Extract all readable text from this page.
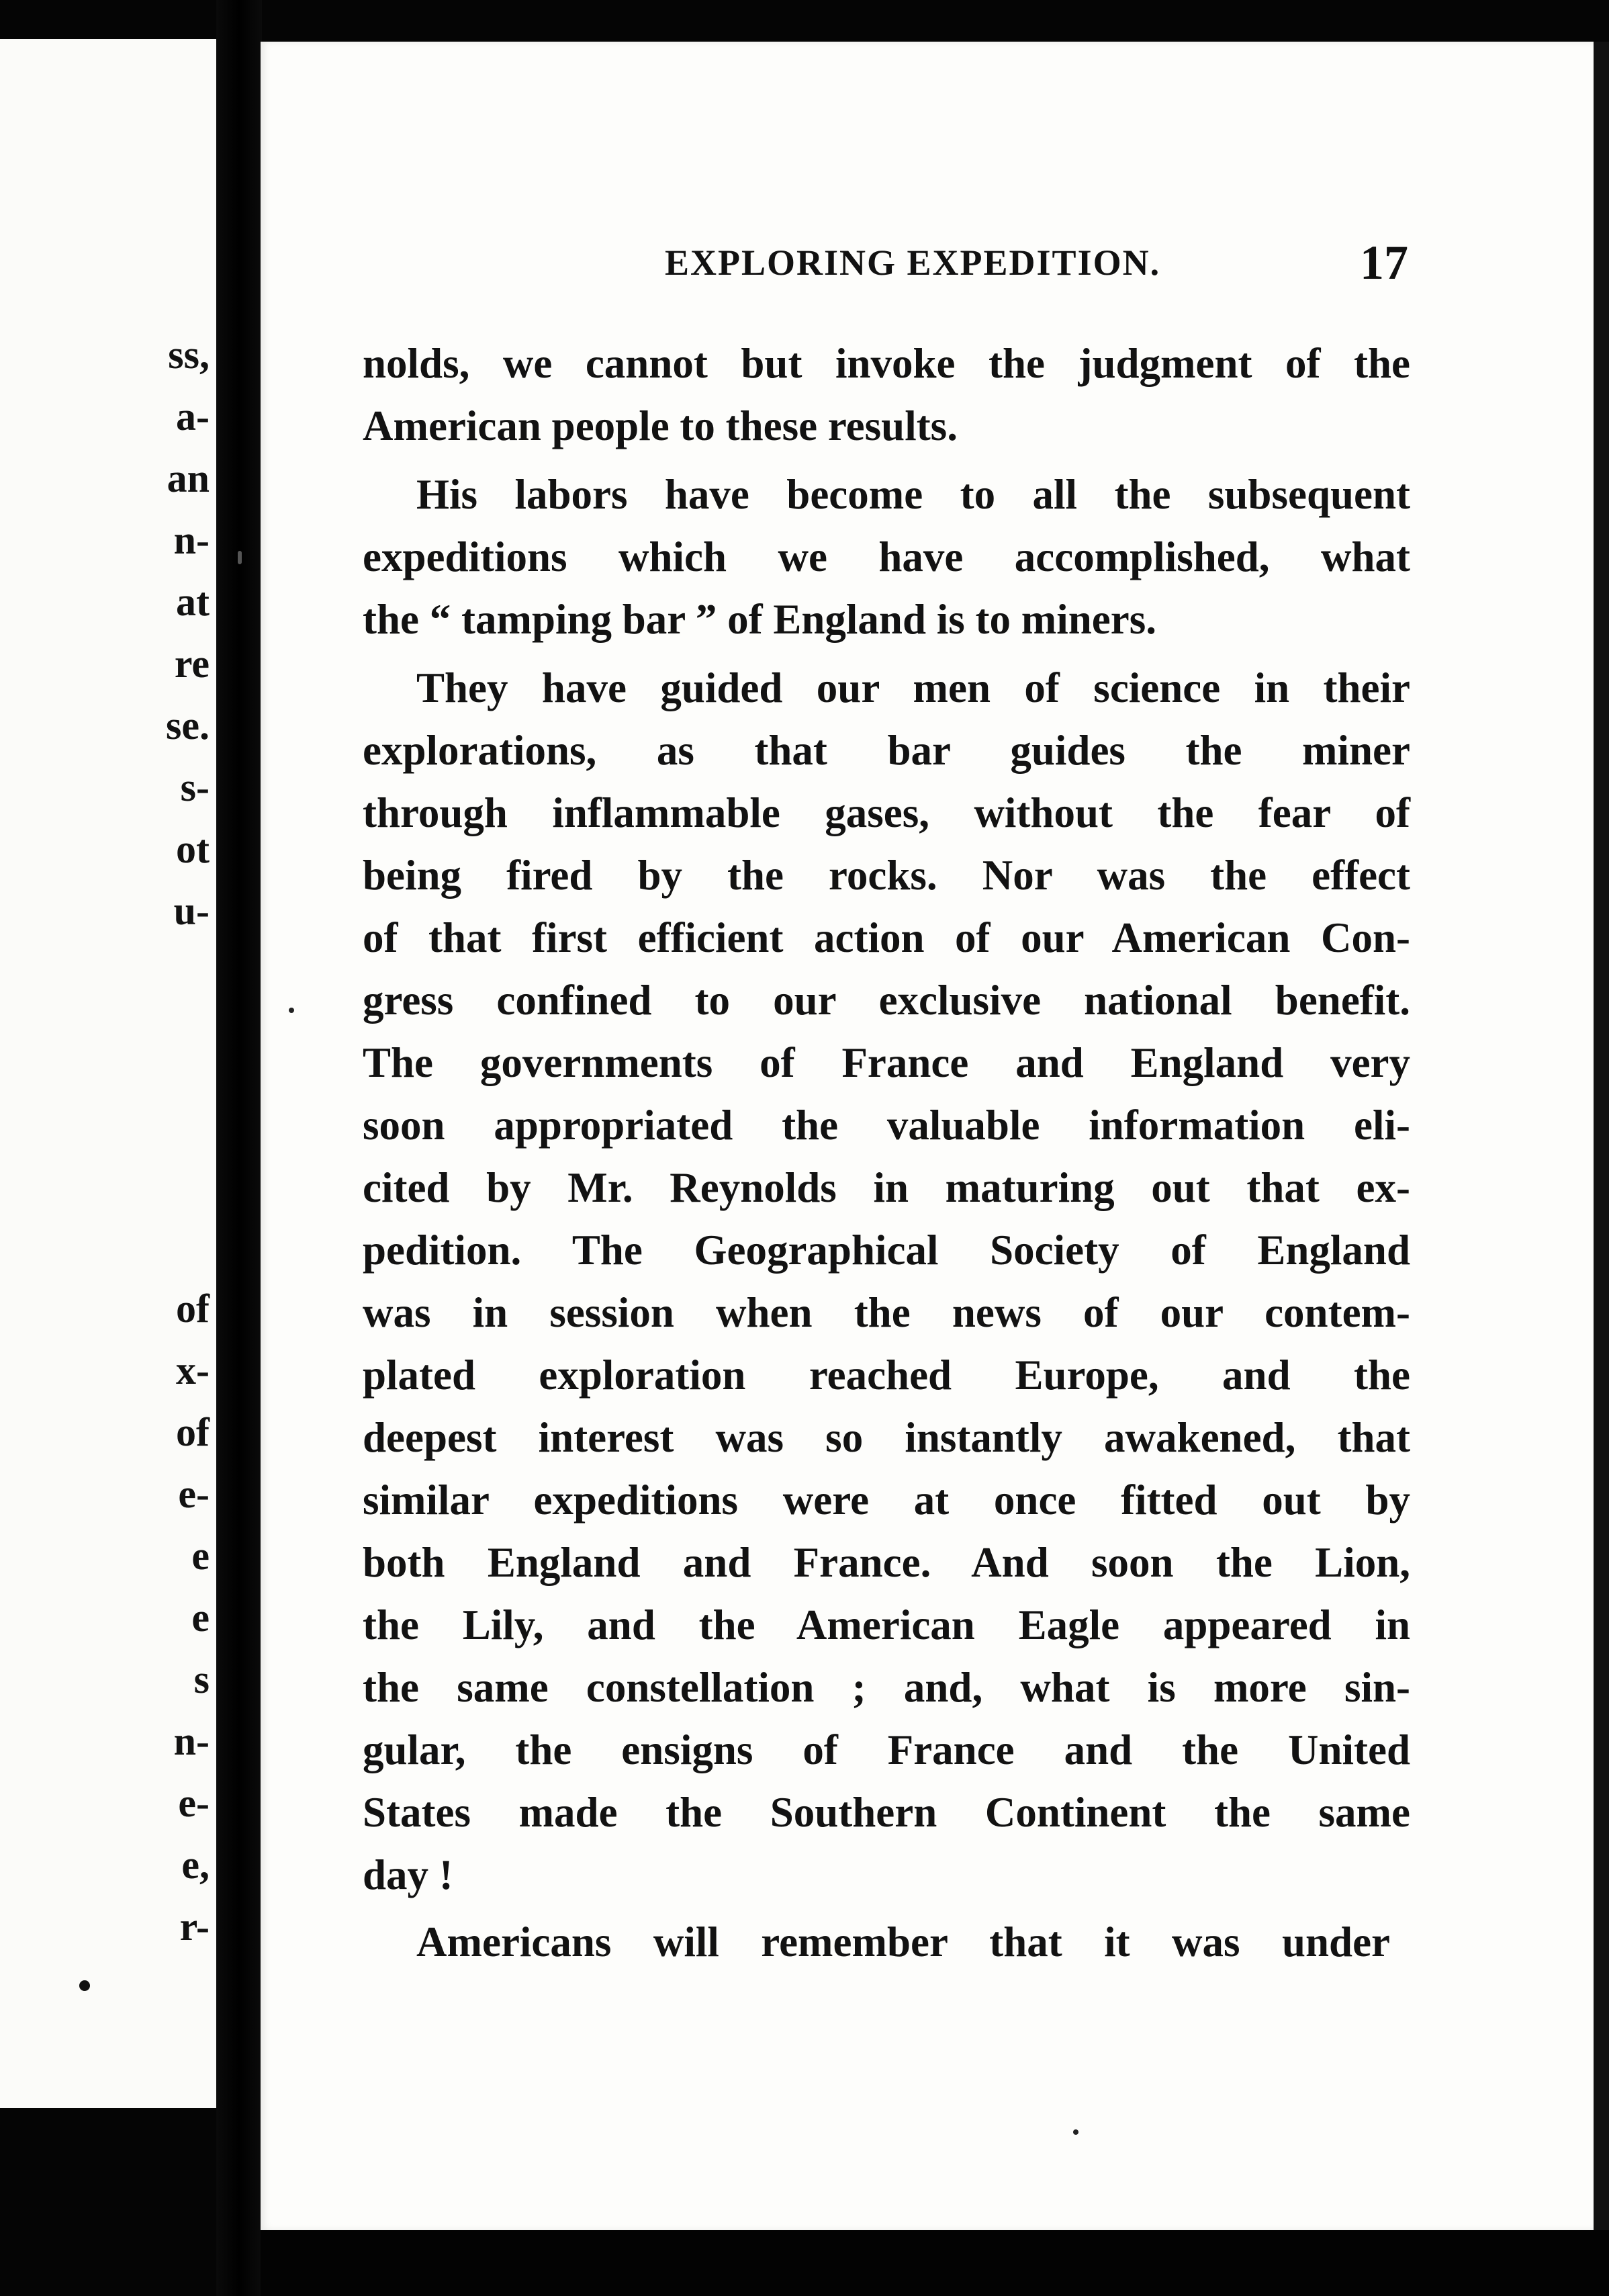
ss,
a-
an
n-
at
re
se.
s-
ot
u-
of
x-
of
e-
e
e
s
n-
e-
e,
r-
EXPLORING EXPEDITION.	17
nolds, we cannot but invoke the judgment of the
American people to these results.
His labors have become to all the subsequent
expeditions which we have accomplished, what
the “ tamping bar ” of England is to miners.
They have guided our men of science in their
explorations, as that bar guides the miner
through inflammable gases, without the fear of
being fired by the rocks. Nor was the effect
of that first efficient action of our American Con-
gress confined to our exclusive national benefit.
The governments of France and England very
soon appropriated the valuable information eli-
cited by Mr. Reynolds in maturing out that ex-
pedition. The Geographical Society of England
was in session when the news of our contem-
plated exploration reached Europe, and the
deepest interest was so instantly awakened, that
similar expeditions were at once fitted out by
both England and France. And soon the Lion,
the Lily, and the American Eagle appeared in
the same constellation ; and, what is more sin-
gular, the ensigns of France and the United
States made the Southern Continent the same
day !
Americans will remember that it was under
